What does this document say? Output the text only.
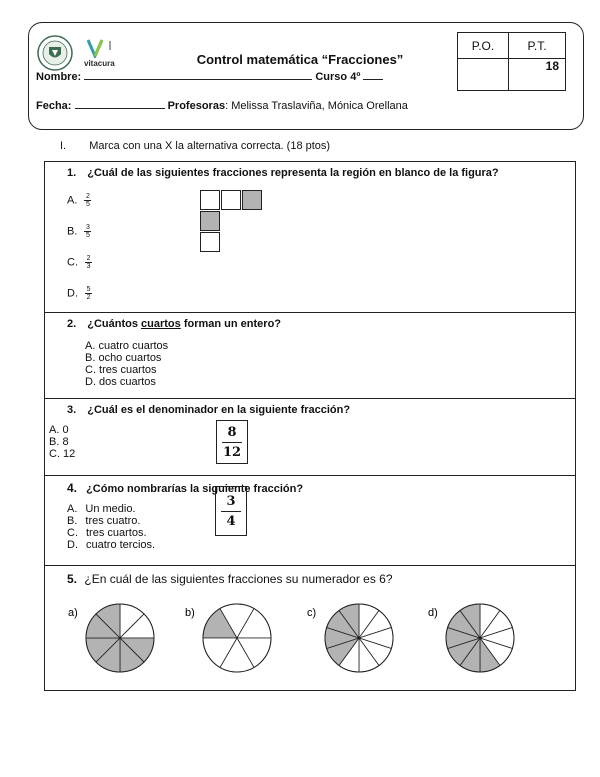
vitacura	Control matemática “Fracciones”
Nombre:	Curso 4º
Fecha:	Profesoras: Melissa Traslaviña, Mónica Orellana
P.O.	P.T.
	18
I. Marca con una X la alternativa correcta. (18 ptos)
1. ¿Cuál de las siguientes fracciones representa la región en blanco de la figura?
A. $\frac{2}{5}$
B. $\frac{3}{5}$
C. $\frac{2}{3}$
D. $\frac{5}{2}$
2. ¿Cuántos cuartos forman un entero?
A. cuatro cuartos
B. ocho cuartos
C. tres cuartos
D. dos cuartos
3. ¿Cuál es el denominador en la siguiente fracción?
A. 0
B. 8
C. 12
8
12
4. ¿Cómo nombrarías la siguiente fracción?
A. Un medio.
B. tres cuatro.
C. tres cuartos.
D. cuatro tercios.
3
4
5. ¿En cuál de las siguientes fracciones su numerador es 6?
a)	b)	c)	d)
